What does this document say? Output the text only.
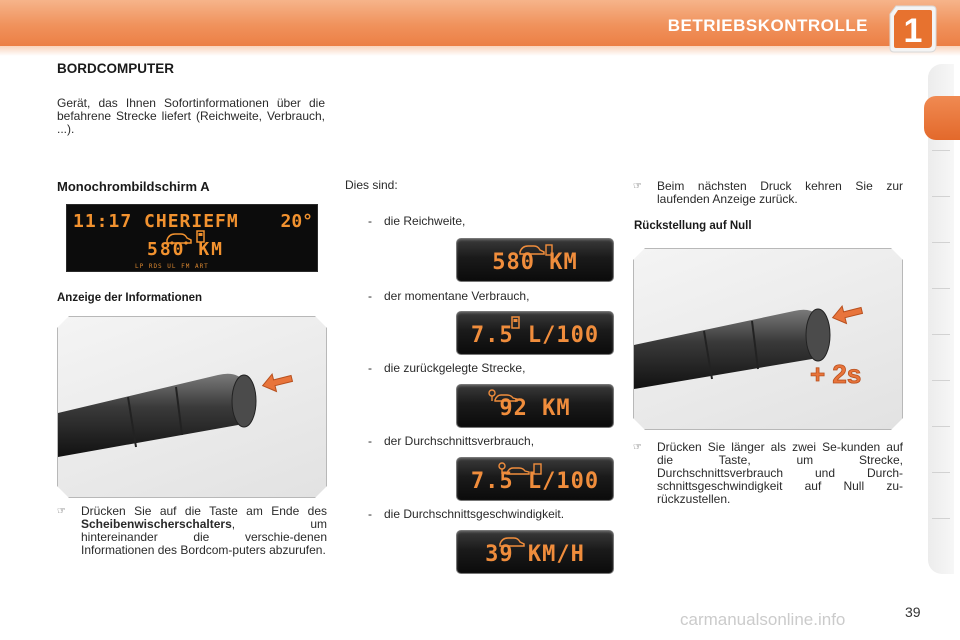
BETRIEBSKONTROLLE 1
BORDCOMPUTER
Gerät, das Ihnen Sofortinformationen über die befahrene Strecke liefert (Reichweite, Verbrauch, ...).
Monochrombildschirm A
11:17 CHERIEFM 20°
580 KM
LP RDS UL FM ART
Anzeige der Informationen
☞ Drücken Sie auf die Taste am Ende des Scheibenwischerschalters, um hintereinander die verschie-denen Informationen des Bordcom-puters abzurufen.
Dies sind:
- die Reichweite,
580 KM
- der momentane Verbrauch,
7.5 L/100
- die zurückgelegte Strecke,
92 KM
- der Durchschnittsverbrauch,
7.5 L/100
- die Durchschnittsgeschwindigkeit.
39 KM/H
☞ Beim nächsten Druck kehren Sie zur laufenden Anzeige zurück.
Rückstellung auf Null
+ 2s
☞ Drücken Sie länger als zwei Se-kunden auf die Taste, um Strecke, Durchschnittsverbrauch und Durch-schnittsgeschwindigkeit auf Null zu-rückzustellen.
carmanualsonline.info	39
